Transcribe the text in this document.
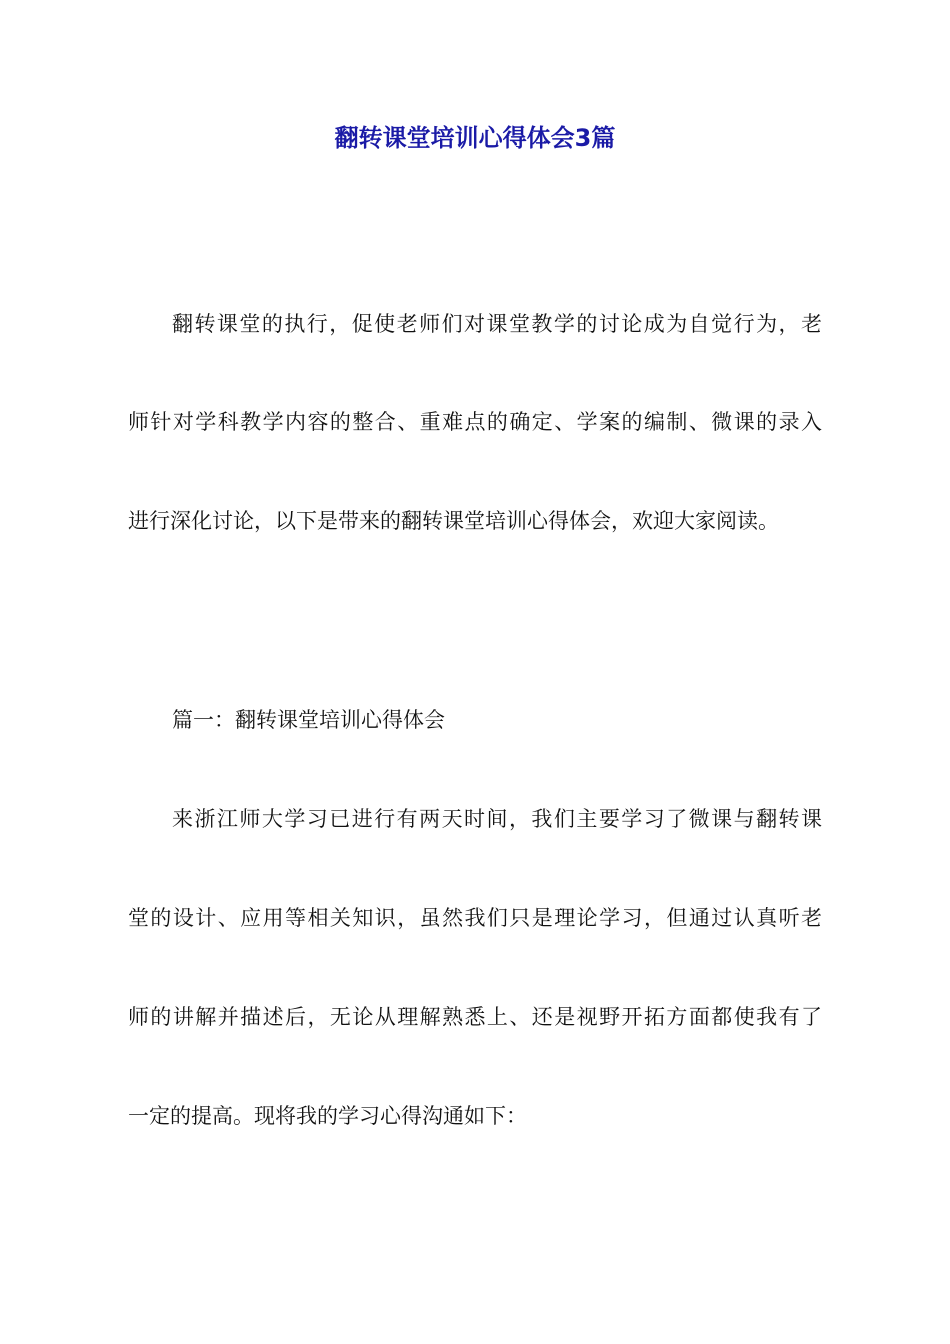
翻转课堂培训心得体会3篇

翻转课堂的执行，促使老师们对课堂教学的讨论成为自觉行为，老

师针对学科教学内容的整合、重难点的确定、学案的编制、微课的录入

进行深化讨论，以下是带来的翻转课堂培训心得体会，欢迎大家阅读。

篇一：翻转课堂培训心得体会

来浙江师大学习已进行有两天时间，我们主要学习了微课与翻转课

堂的设计、应用等相关知识，虽然我们只是理论学习，但通过认真听老

师的讲解并描述后，无论从理解熟悉上、还是视野开拓方面都使我有了

一定的提高。现将我的学习心得沟通如下：
